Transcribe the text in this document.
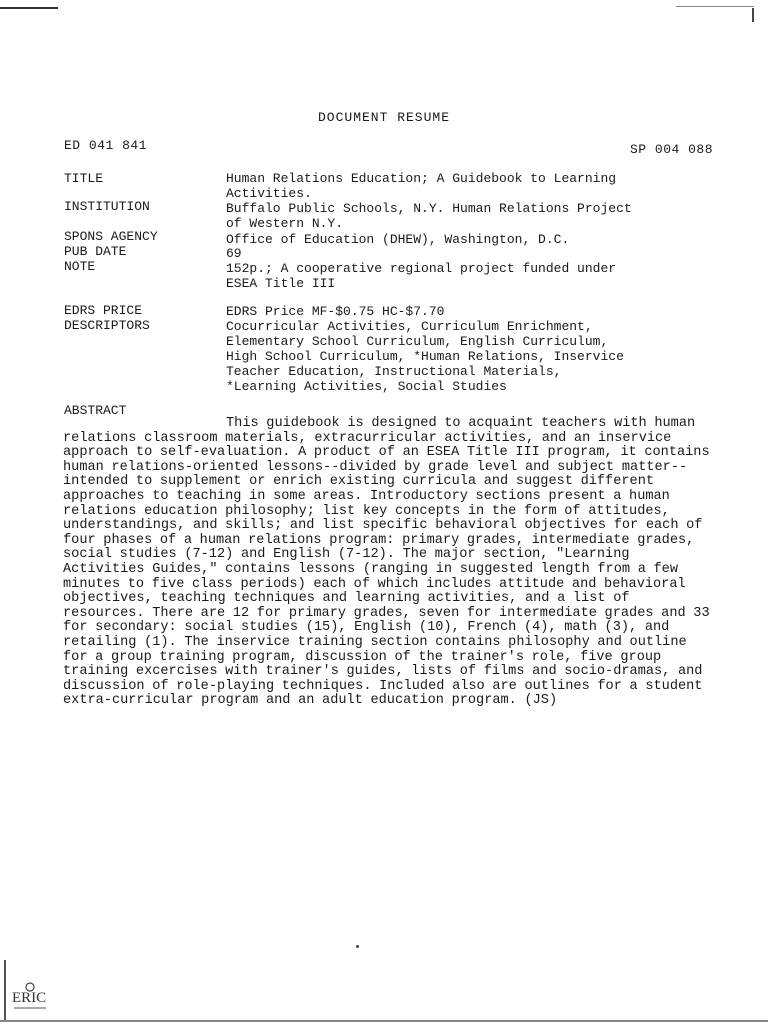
DOCUMENT RESUME
ED 041 841	SP 004 088
TITLE	Human Relations Education; A Guidebook to Learning
Activities.
INSTITUTION	Buffalo Public Schools, N.Y. Human Relations Project
of Western N.Y.
SPONS AGENCY	Office of Education (DHEW), Washington, D.C.
PUB DATE	69
NOTE	152p.; A cooperative regional project funded under
ESEA Title III
EDRS PRICE	EDRS Price MF-$0.75 HC-$7.70
DESCRIPTORS	Cocurricular Activities, Curriculum Enrichment,
Elementary School Curriculum, English Curriculum,
High School Curriculum, *Human Relations, Inservice
Teacher Education, Instructional Materials,
*Learning Activities, Social Studies
ABSTRACT
This guidebook is designed to acquaint teachers with human relations classroom materials, extracurricular activities, and an inservice approach to self-evaluation. A product of an ESEA Title III program, it contains human relations-oriented lessons--divided by grade level and subject matter--intended to supplement or enrich existing curricula and suggest different approaches to teaching in some areas. Introductory sections present a human relations education philosophy; list key concepts in the form of attitudes, understandings, and skills; and list specific behavioral objectives for each of four phases of a human relations program: primary grades, intermediate grades, social studies (7-12) and English (7-12). The major section, "Learning Activities Guides," contains lessons (ranging in suggested length from a few minutes to five class periods) each of which includes attitude and behavioral objectives, teaching techniques and learning activities, and a list of resources. There are 12 for primary grades, seven for intermediate grades and 33 for secondary: social studies (15), English (10), French (4), math (3), and retailing (1). The inservice training section contains philosophy and outline for a group training program, discussion of the trainer's role, five group training excercises with trainer's guides, lists of films and socio-dramas, and discussion of role-playing techniques. Included also are outlines for a student extra-curricular program and an adult education program. (JS)
ERIC
